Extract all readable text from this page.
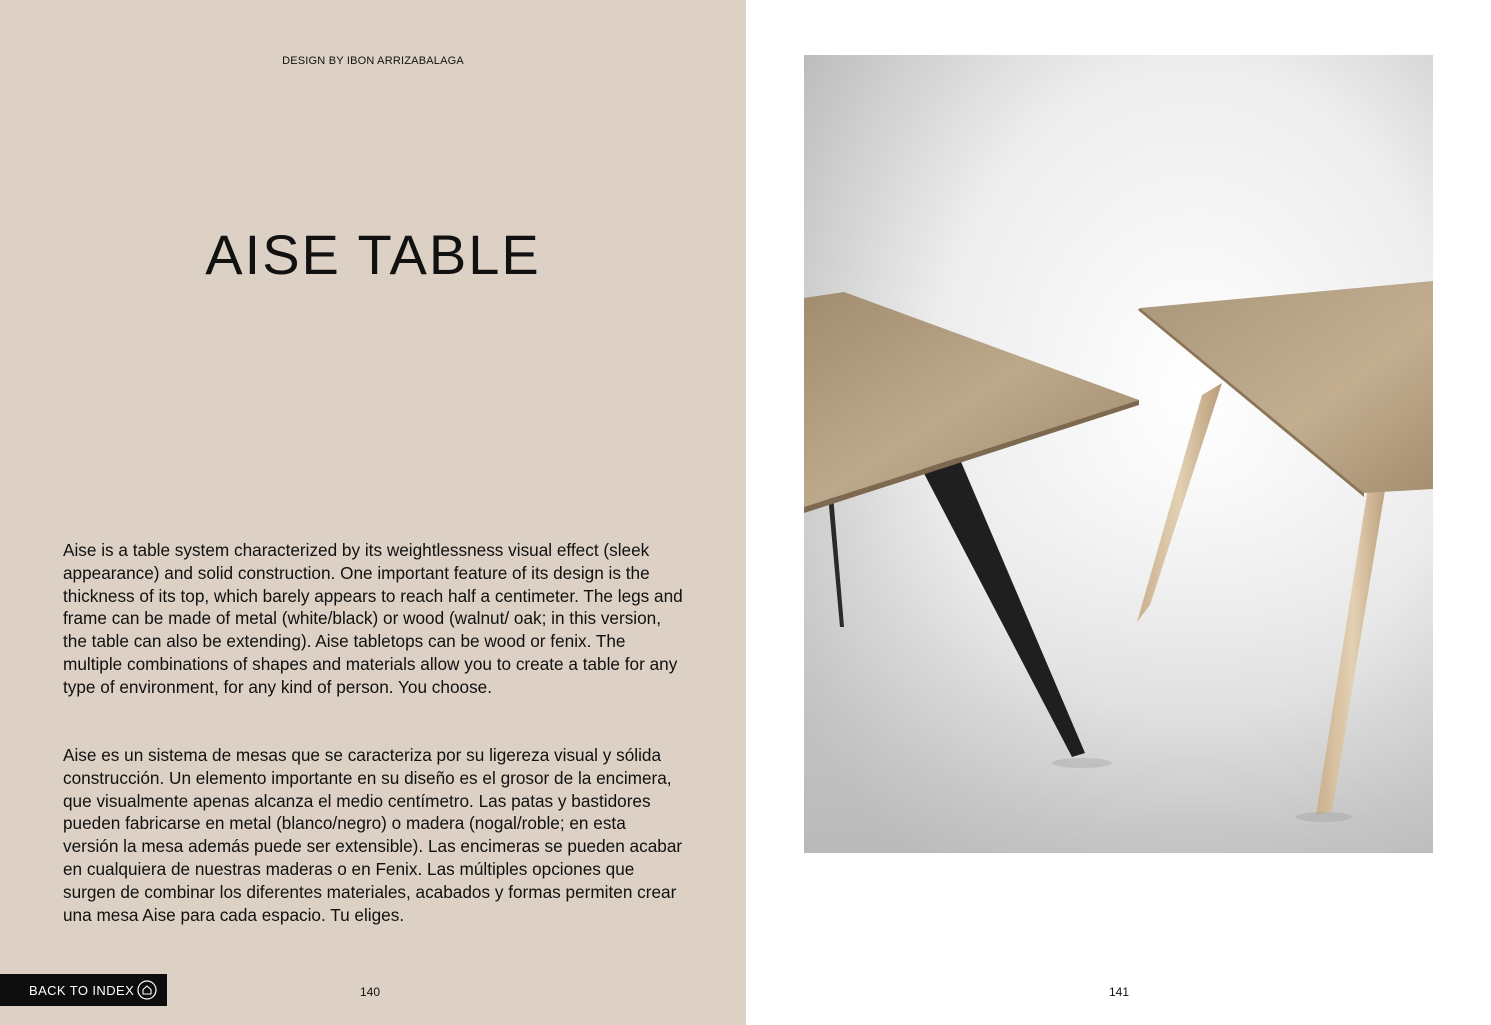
DESIGN BY IBON ARRIZABALAGA
AISE TABLE

Aise is a table system characterized by its weightlessness visual effect (sleek appearance) and solid construction. One important feature of its design is the thickness of its top, which barely appears to reach half a centimeter. The legs and frame can be made of metal (white/black) or wood (walnut/ oak; in this version, the table can also be extending). Aise tabletops can be wood or fenix. The multiple combinations of shapes and materials allow you to create a table for any type of environment, for any kind of person. You choose.

Aise es un sistema de mesas que se caracteriza por su ligereza visual y sólida construcción. Un elemento importante en su diseño es el grosor de la encimera, que visualmente apenas alcanza el medio centímetro. Las patas y bastidores pueden fabricarse en metal (blanco/negro) o madera (nogal/roble; en esta versión la mesa además puede ser extensible). Las encimeras se pueden acabar en cualquiera de nuestras maderas o en Fenix. Las múltiples opciones que surgen de combinar los diferentes materiales, acabados y formas permiten crear una mesa Aise para cada espacio. Tu eliges.

BACK TO INDEX	140	141
